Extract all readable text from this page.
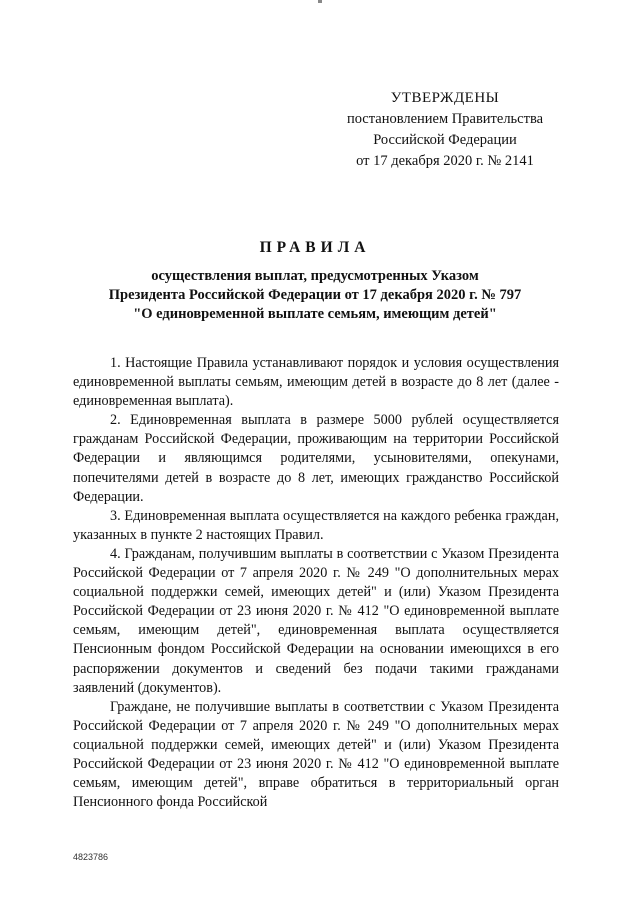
УТВЕРЖДЕНЫ
постановлением Правительства
Российской Федерации
от 17 декабря 2020 г. № 2141
ПРАВИЛА
осуществления выплат, предусмотренных Указом
Президента Российской Федерации от 17 декабря 2020 г. № 797
"О единовременной выплате семьям, имеющим детей"

1. Настоящие Правила устанавливают порядок и условия осуществления единовременной выплаты семьям, имеющим детей в возрасте до 8 лет (далее - единовременная выплата).

2. Единовременная выплата в размере 5000 рублей осуществляется гражданам Российской Федерации, проживающим на территории Российской Федерации и являющимся родителями, усыновителями, опекунами, попечителями детей в возрасте до 8 лет, имеющих гражданство Российской Федерации.

3. Единовременная выплата осуществляется на каждого ребенка граждан, указанных в пункте 2 настоящих Правил.

4. Гражданам, получившим выплаты в соответствии с Указом Президента Российской Федерации от 7 апреля 2020 г. № 249 "О дополнительных мерах социальной поддержки семей, имеющих детей" и (или) Указом Президента Российской Федерации от 23 июня 2020 г. № 412 "О единовременной выплате семьям, имеющим детей", единовременная выплата осуществляется Пенсионным фондом Российской Федерации на основании имеющихся в его распоряжении документов и сведений без подачи такими гражданами заявлений (документов).

Граждане, не получившие выплаты в соответствии с Указом Президента Российской Федерации от 7 апреля 2020 г. № 249 "О дополнительных мерах социальной поддержки семей, имеющих детей" и (или) Указом Президента Российской Федерации от 23 июня 2020 г. № 412 "О единовременной выплате семьям, имеющим детей", вправе обратиться в территориальный орган Пенсионного фонда Российской

4823786
